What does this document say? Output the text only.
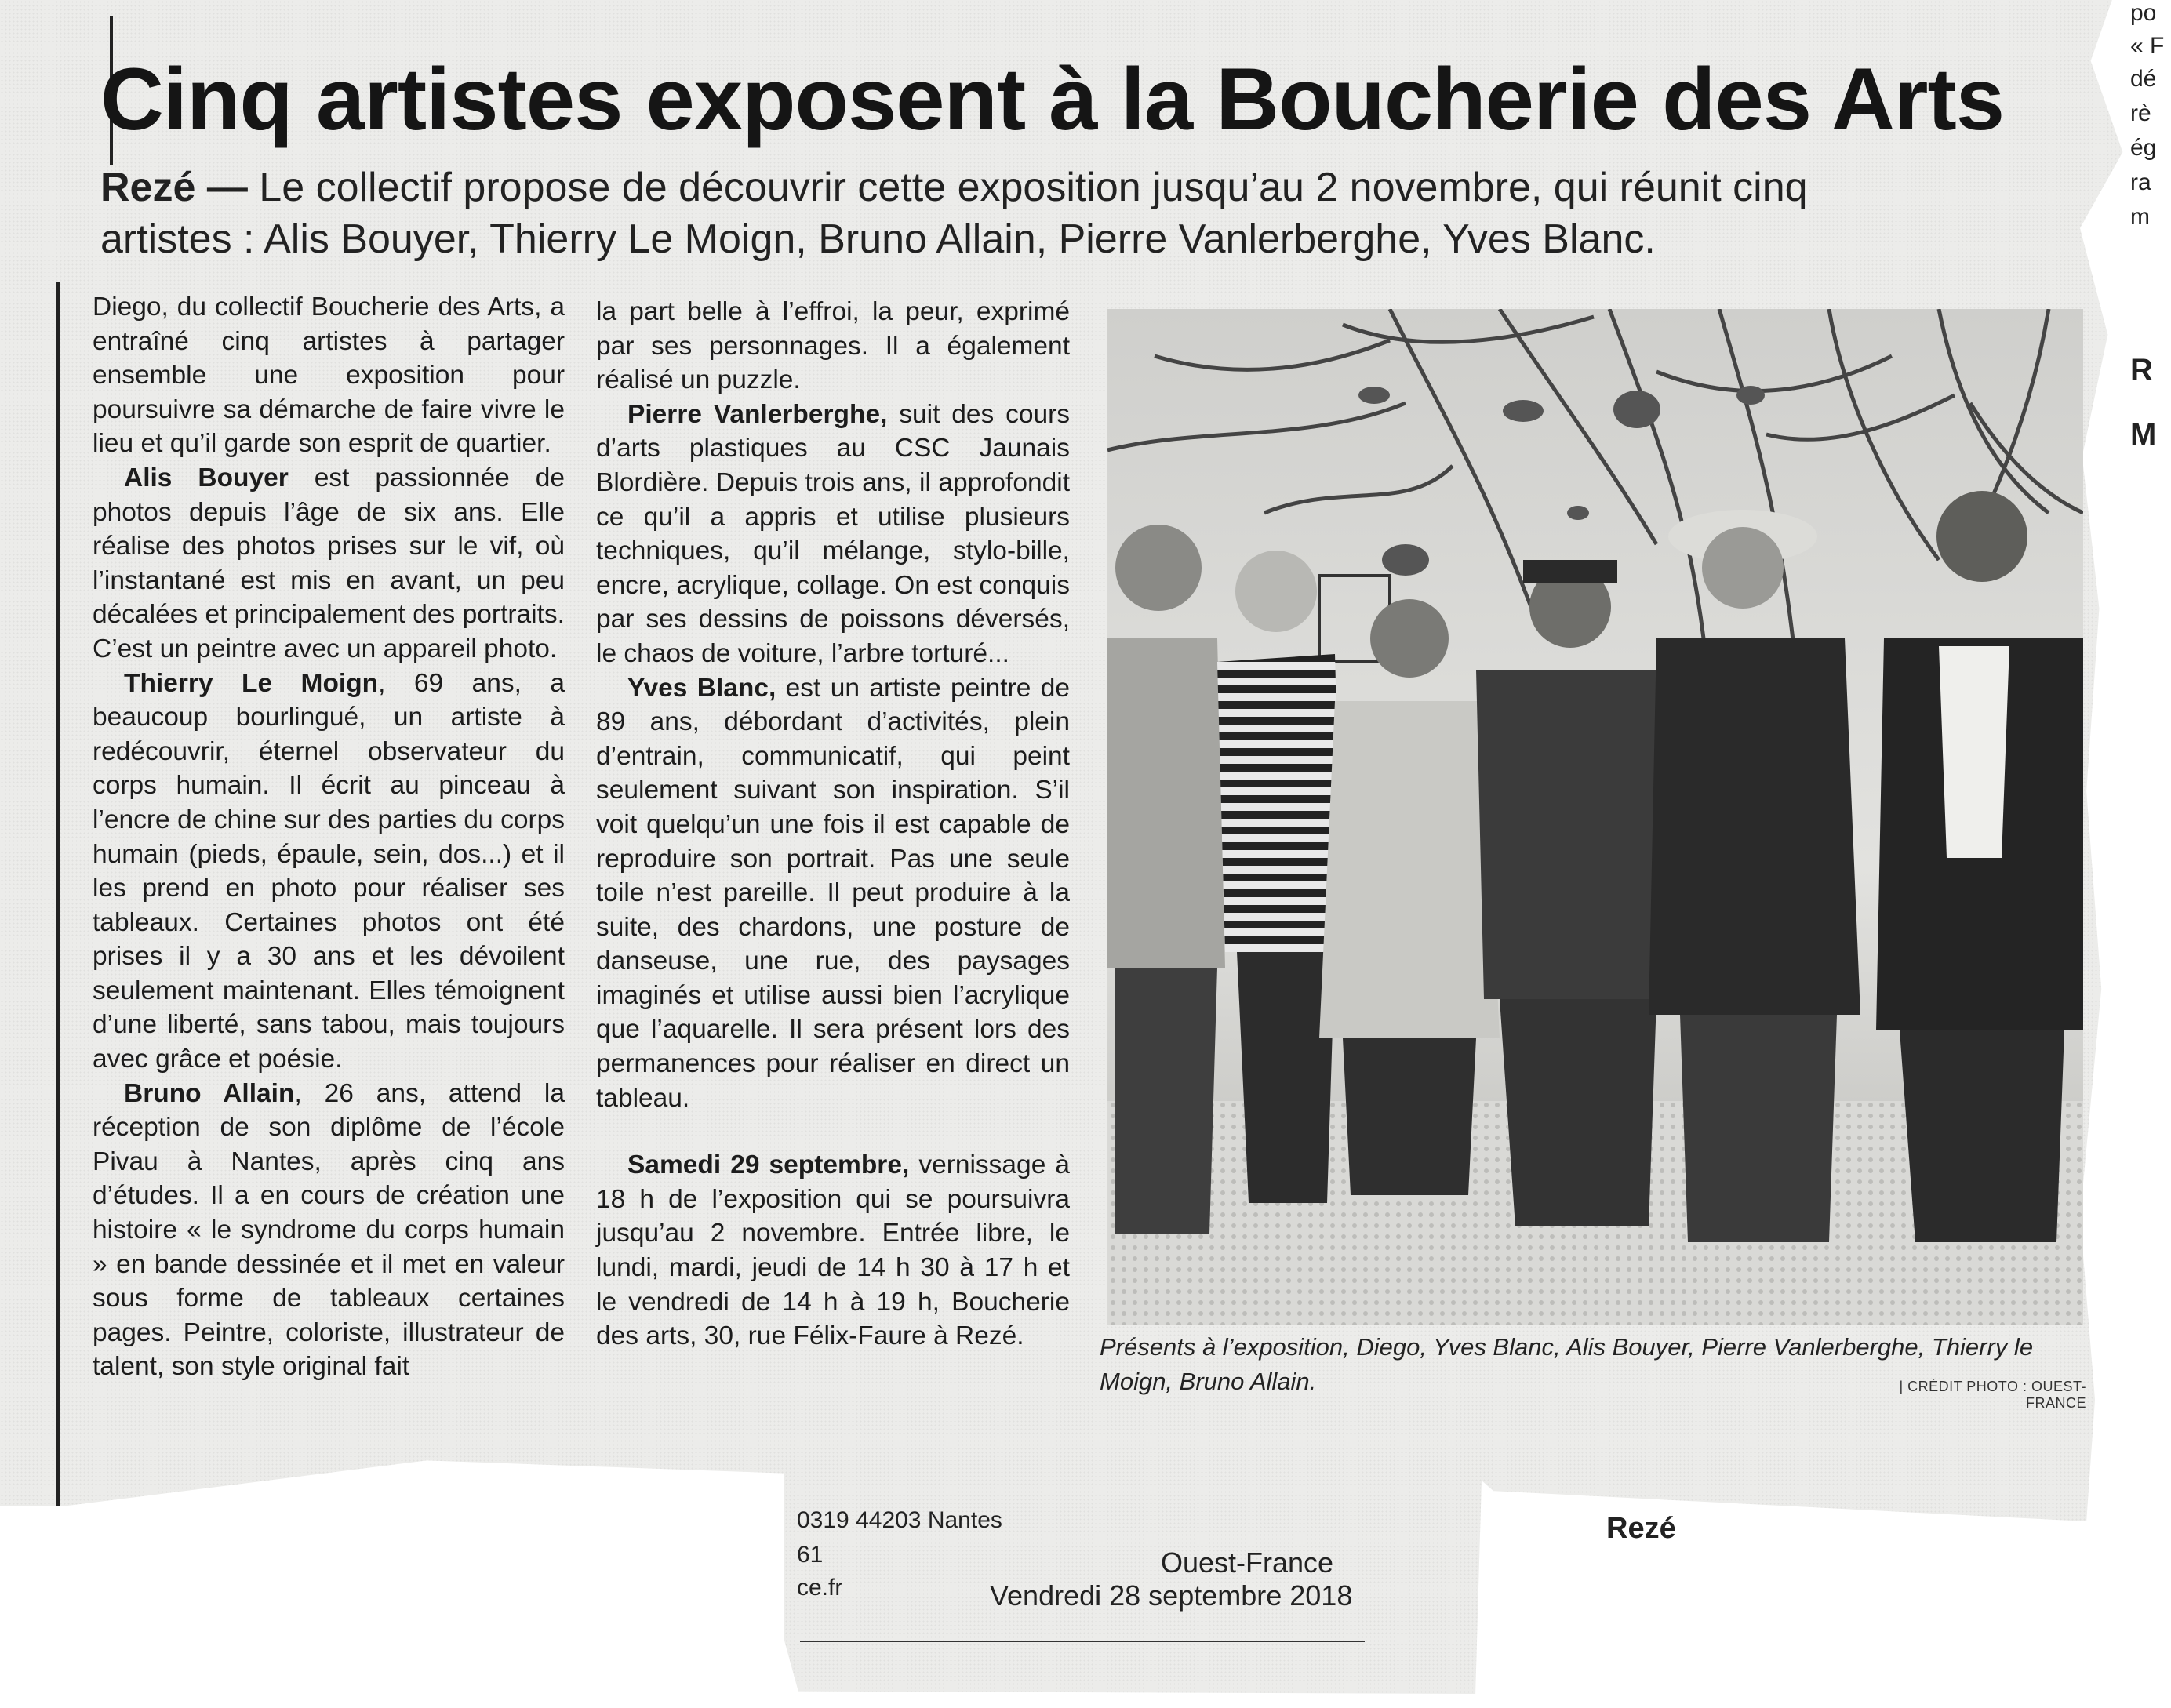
Cinq artistes exposent à la Boucherie des Arts
Rezé — Le collectif propose de découvrir cette exposition jusqu’au 2 novembre, qui réunit cinq artistes : Alis Bouyer, Thierry Le Moign, Bruno Allain, Pierre Vanlerberghe, Yves Blanc.

Diego, du collectif Boucherie des Arts, a entraîné cinq artistes à partager ensemble une exposition pour poursuivre sa démarche de faire vivre le lieu et qu’il garde son esprit de quartier.

Alis Bouyer est passionnée de photos depuis l’âge de six ans. Elle réalise des photos prises sur le vif, où l’instantané est mis en avant, un peu décalées et principalement des portraits. C’est un peintre avec un appareil photo.

Thierry Le Moign, 69 ans, a beaucoup bourlingué, un artiste à redécouvrir, éternel observateur du corps humain. Il écrit au pinceau à l’encre de chine sur des parties du corps humain (pieds, épaule, sein, dos...) et il les prend en photo pour réaliser ses tableaux. Certaines photos ont été prises il y a 30 ans et les dévoilent seulement maintenant. Elles témoignent d’une liberté, sans tabou, mais toujours avec grâce et poésie.

Bruno Allain, 26 ans, attend la réception de son diplôme de l’école Pivau à Nantes, après cinq ans d’études. Il a en cours de création une histoire « le syndrome du corps humain » en bande dessinée et il met en valeur sous forme de tableaux certaines pages. Peintre, coloriste, illustrateur de talent, son style original fait

la part belle à l’effroi, la peur, exprimé par ses personnages. Il a également réalisé un puzzle.

Pierre Vanlerberghe, suit des cours d’arts plastiques au CSC Jaunais Blordière. Depuis trois ans, il approfondit ce qu’il a appris et utilise plusieurs techniques, qu’il mélange, stylo-bille, encre, acrylique, collage. On est conquis par ses dessins de poissons déversés, le chaos de voiture, l’arbre torturé...

Yves Blanc, est un artiste peintre de 89 ans, débordant d’activités, plein d’entrain, communicatif, qui peint seulement suivant son inspiration. S’il voit quelqu’un une fois il est capable de reproduire son portrait. Pas une seule toile n’est pareille. Il peut produire à la suite, des chardons, une posture de danseuse, une rue, des paysages imaginés et utilise aussi bien l’acrylique que l’aquarelle. Il sera présent lors des permanences pour réaliser en direct un tableau.

Samedi 29 septembre, vernissage à 18 h de l’exposition qui se poursuivra jusqu’au 2 novembre. Entrée libre, le lundi, mardi, jeudi de 14 h 30 à 17 h et le vendredi de 14 h à 19 h, Boucherie des arts, 30, rue Félix-Faure à Rezé.	Présents à l’exposition, Diego, Yves Blanc, Alis Bouyer, Pierre Vanlerberghe, Thierry le Moign, Bruno Allain.	| CRÉDIT PHOTO : OUEST-FRANCE
Rezé
0319 44203 Nantes
61
ce.fr
Ouest-France
Vendredi 28 septembre 2018
po
« F
dé
rè
ég
ra
m
R
M
